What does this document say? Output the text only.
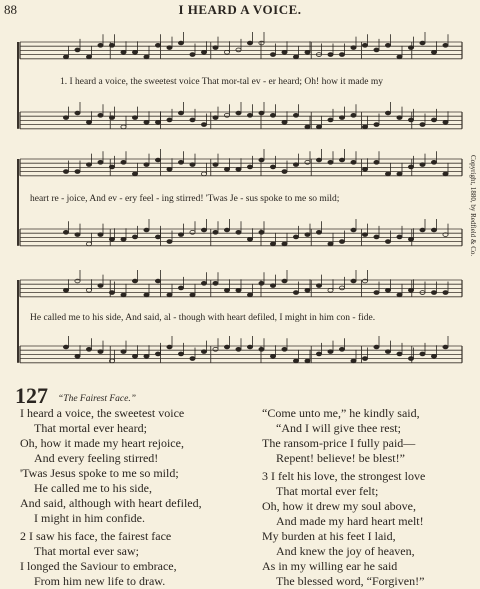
88	I HEARD A VOICE.
1. I heard a voice, the sweetest voice That mor-tal ev - er heard; Oh! how it made my
heart re - joice, And ev - ery feel - ing stirred! 'Twas Je - sus spoke to me so mild;
He called me to his side, And said, al - though with heart defiled, I might in him con - fide.
Copyright, 1880, by Redfield & Co.
127 “The Fairest Face.”
I heard a voice, the sweetest voice
That mortal ever heard;
Oh, how it made my heart rejoice,
And every feeling stirred!
'Twas Jesus spoke to me so mild;
He called me to his side,
And said, although with heart defiled,
I might in him confide.
2 I saw his face, the fairest face
That mortal ever saw;
I longed the Saviour to embrace,
From him new life to draw.
“Come unto me,” he kindly said,
“And I will give thee rest;
The ransom-price I fully paid—
Repent! believe! be blest!”
3 I felt his love, the strongest love
That mortal ever felt;
Oh, how it drew my soul above,
And made my hard heart melt!
My burden at his feet I laid,
And knew the joy of heaven,
As in my willing ear he said
The blessed word, “Forgiven!”
